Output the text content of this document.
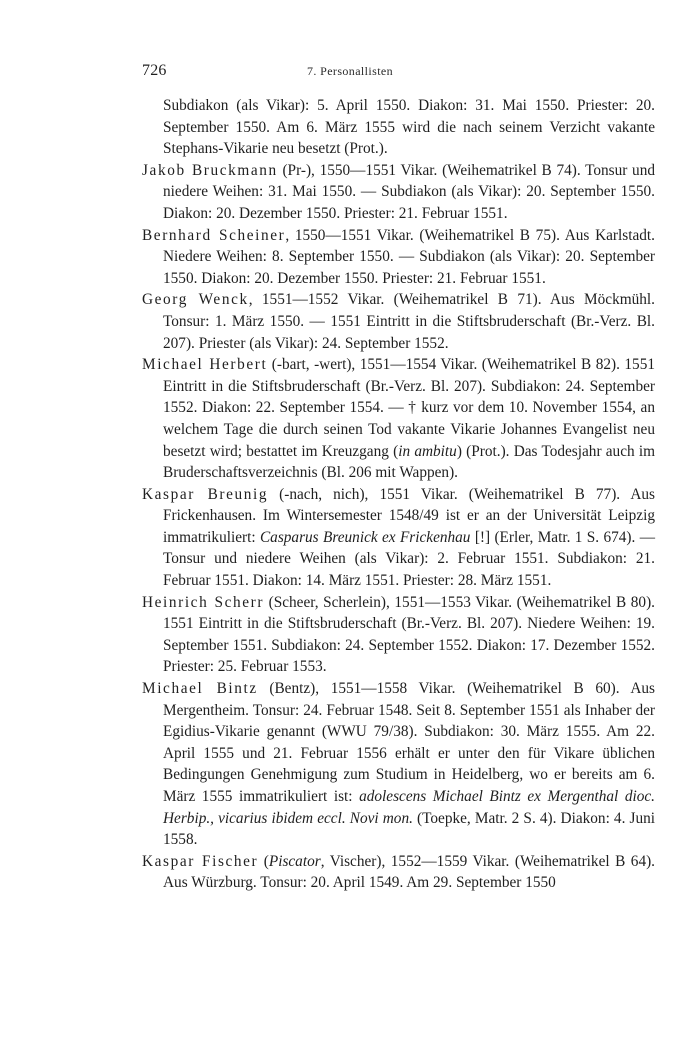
726	7. Personallisten

Subdiakon (als Vikar): 5. April 1550. Diakon: 31. Mai 1550. Priester: 20. September 1550. Am 6. März 1555 wird die nach seinem Verzicht vakante Stephans-Vikarie neu besetzt (Prot.).

Jakob Bruckmann (Pr-), 1550—1551 Vikar. (Weihematrikel B 74). Tonsur und niedere Weihen: 31. Mai 1550. — Subdiakon (als Vikar): 20. September 1550. Diakon: 20. Dezember 1550. Priester: 21. Februar 1551.

Bernhard Scheiner, 1550—1551 Vikar. (Weihematrikel B 75). Aus Karlstadt. Niedere Weihen: 8. September 1550. — Subdiakon (als Vikar): 20. September 1550. Diakon: 20. Dezember 1550. Priester: 21. Februar 1551.

Georg Wenck, 1551—1552 Vikar. (Weihematrikel B 71). Aus Möckmühl. Tonsur: 1. März 1550. — 1551 Eintritt in die Stiftsbruderschaft (Br.-Verz. Bl. 207). Priester (als Vikar): 24. September 1552.

Michael Herbert (-bart, -wert), 1551—1554 Vikar. (Weihematrikel B 82). 1551 Eintritt in die Stiftsbruderschaft (Br.-Verz. Bl. 207). Subdiakon: 24. September 1552. Diakon: 22. September 1554. — † kurz vor dem 10. November 1554, an welchem Tage die durch seinen Tod vakante Vikarie Johannes Evangelist neu besetzt wird; bestattet im Kreuzgang (in ambitu) (Prot.). Das Todesjahr auch im Bruderschaftsverzeichnis (Bl. 206 mit Wappen).

Kaspar Breunig (-nach, nich), 1551 Vikar. (Weihematrikel B 77). Aus Frickenhausen. Im Wintersemester 1548/49 ist er an der Universität Leipzig immatrikuliert: Casparus Breunick ex Frickenhau [!] (Erler, Matr. 1 S. 674). — Tonsur und niedere Weihen (als Vikar): 2. Februar 1551. Subdiakon: 21. Februar 1551. Diakon: 14. März 1551. Priester: 28. März 1551.

Heinrich Scherr (Scheer, Scherlein), 1551—1553 Vikar. (Weihematrikel B 80). 1551 Eintritt in die Stiftsbruderschaft (Br.-Verz. Bl. 207). Niedere Weihen: 19. September 1551. Subdiakon: 24. September 1552. Diakon: 17. Dezember 1552. Priester: 25. Februar 1553.

Michael Bintz (Bentz), 1551—1558 Vikar. (Weihematrikel B 60). Aus Mergentheim. Tonsur: 24. Februar 1548. Seit 8. September 1551 als Inhaber der Egidius-Vikarie genannt (WWU 79/38). Subdiakon: 30. März 1555. Am 22. April 1555 und 21. Februar 1556 erhält er unter den für Vikare üblichen Bedingungen Genehmigung zum Studium in Heidelberg, wo er bereits am 6. März 1555 immatrikuliert ist: adolescens Michael Bintz ex Mergenthal dioc. Herbip., vicarius ibidem eccl. Novi mon. (Toepke, Matr. 2 S. 4). Diakon: 4. Juni 1558.

Kaspar Fischer (Piscator, Vischer), 1552—1559 Vikar. (Weihematrikel B 64). Aus Würzburg. Tonsur: 20. April 1549. Am 29. September 1550
